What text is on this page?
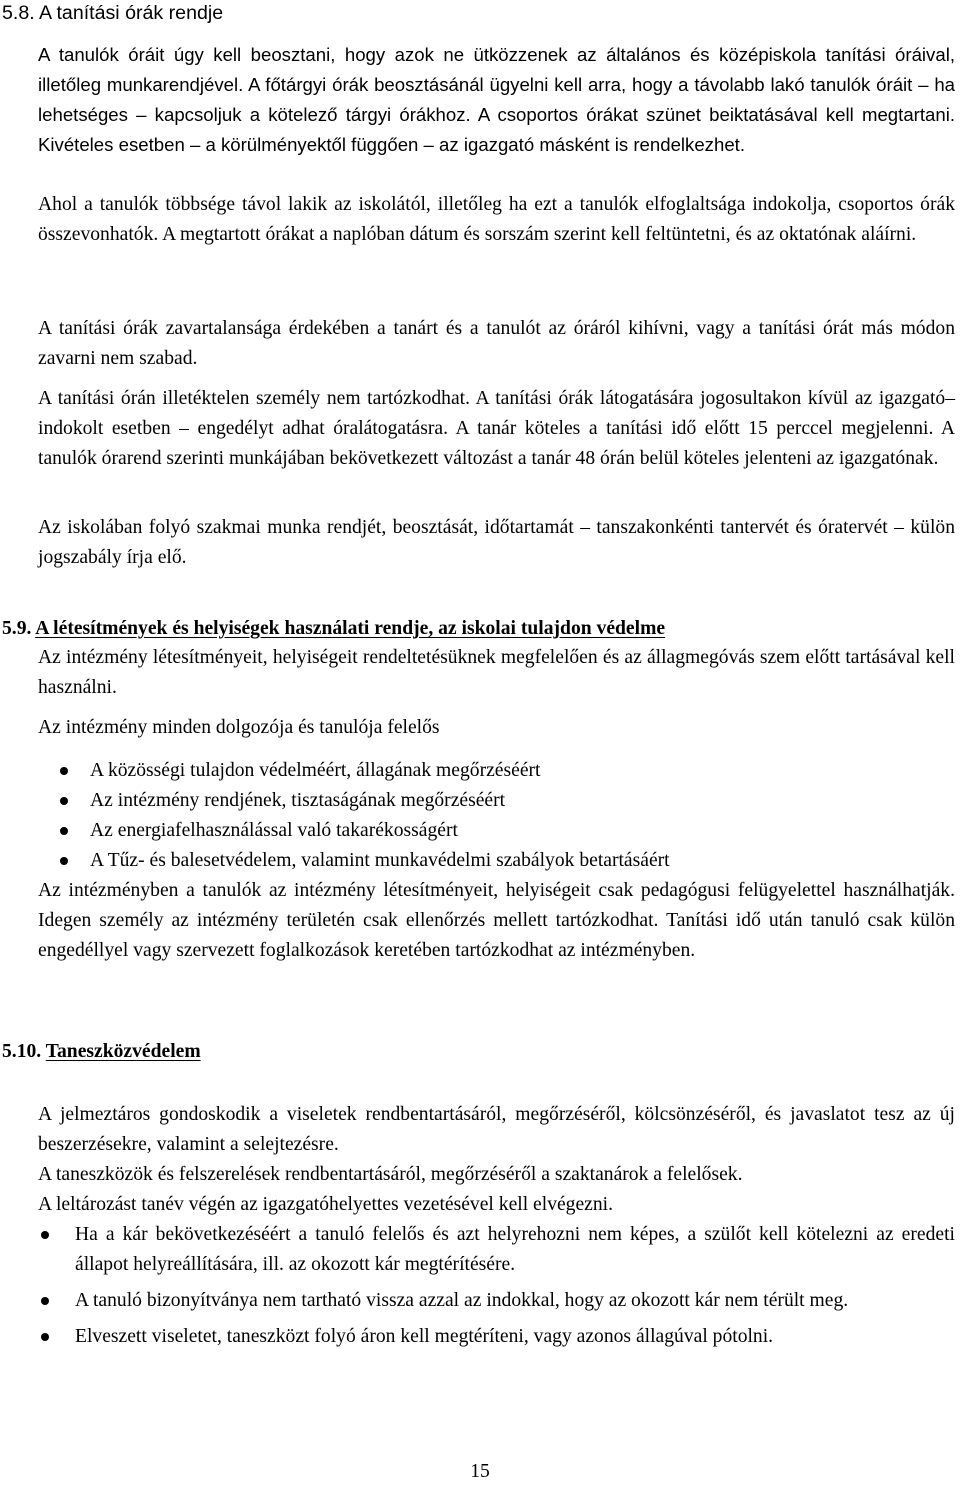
5.8. A tanítási órák rendje

A tanulók óráit úgy kell beosztani, hogy azok ne ütközzenek az általános és középiskola tanítási óráival, illetőleg munkarendjével. A főtárgyi órák beosztásánál ügyelni kell arra, hogy a távolabb lakó tanulók óráit – ha lehetséges – kapcsoljuk a kötelező tárgyi órákhoz. A csoportos órákat szünet beiktatásával kell megtartani. Kivételes esetben – a körülményektől függően – az igazgató másként is rendelkezhet.

Ahol a tanulók többsége távol lakik az iskolától, illetőleg ha ezt a tanulók elfoglaltsága indokolja, csoportos órák összevonhatók. A megtartott órákat a naplóban dátum és sorszám szerint kell feltüntetni, és az oktatónak aláírni.

A tanítási órák zavartalansága érdekében a tanárt és a tanulót az óráról kihívni, vagy a tanítási órát más módon zavarni nem szabad.

A tanítási órán illetéktelen személy nem tartózkodhat. A tanítási órák látogatására jogosultakon kívül az igazgató– indokolt esetben – engedélyt adhat óralátogatásra. A tanár köteles a tanítási idő előtt 15 perccel megjelenni. A tanulók órarend szerinti munkájában bekövetkezett változást a tanár 48 órán belül köteles jelenteni az igazgatónak.

Az iskolában folyó szakmai munka rendjét, beosztását, időtartamát – tanszakonkénti tantervét és óratervét – külön jogszabály írja elő.

5.9. A létesítmények és helyiségek használati rendje, az iskolai tulajdon védelme

Az intézmény létesítményeit, helyiségeit rendeltetésüknek megfelelően és az állagmegóvás szem előtt tartásával kell használni.

Az intézmény minden dolgozója és tanulója felelős

A közösségi tulajdon védelméért, állagának megőrzéséért
Az intézmény rendjének, tisztaságának megőrzéséért
Az energiafelhasználással való takarékosságért
A Tűz- és balesetvédelem, valamint munkavédelmi szabályok betartásáért

Az intézményben a tanulók az intézmény létesítményeit, helyiségeit csak pedagógusi felügyelettel használhatják. Idegen személy az intézmény területén csak ellenőrzés mellett tartózkodhat. Tanítási idő után tanuló csak külön engedéllyel vagy szervezett foglalkozások keretében tartózkodhat az intézményben.

5.10. Taneszközvédelem

A jelmeztáros gondoskodik a viseletek rendbentartásáról, megőrzéséről, kölcsönzéséről, és javaslatot tesz az új beszerzésekre, valamint a selejtezésre.

A taneszközök és felszerelések rendbentartásáról, megőrzéséről a szaktanárok a felelősek.

A leltározást tanév végén az igazgatóhelyettes vezetésével kell elvégezni.

Ha a kár bekövetkezéséért a tanuló felelős és azt helyrehozni nem képes, a szülőt kell kötelezni az eredeti állapot helyreállítására, ill. az okozott kár megtérítésére.
A tanuló bizonyítványa nem tartható vissza azzal az indokkal, hogy az okozott kár nem térült meg.
Elveszett viseletet, taneszközt folyó áron kell megtéríteni, vagy azonos állagúval pótolni.
15
